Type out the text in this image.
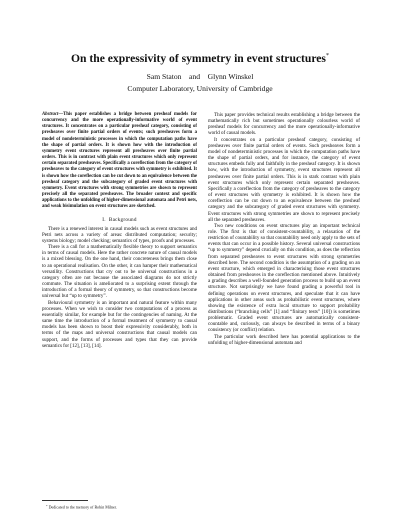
On the expressivity of symmetry in event structures*
Sam Staton    and    Glynn Winskel
Computer Laboratory, University of Cambridge

Abstract—This paper establishes a bridge between presheaf models for concurrency and the more operationally-informative world of event structures. It concentrates on a particular presheaf category, consisting of presheaves over finite partial orders of events; such presheaves form a model of nondeterministic processes in which the computation paths have the shape of partial orders. It is shown how with the introduction of symmetry event structures represent all presheaves over finite partial orders. This is in contrast with plain event structures which only represent certain separated presheaves. Specifically a coreflection from the category of presheaves to the category of event structures with symmetry is exhibited. It is shown how the coreflection can be cut down to an equivalence between the presheaf category and the subcategory of graded event structures with symmetry. Event structures with strong symmetries are shown to represent precisely all the separated presheaves. The broader context and specific applications to the unfolding of higher-dimensional automata and Petri nets, and weak bisimulation on event structures are sketched.

I.  Background

There is a renewed interest in causal models such as event structures and Petri nets across a variety of areas: distributed computation; security; systems biology; model checking; semantics of types, proofs and processes.

There is a call for a mathematically flexible theory to support semantics in terms of causal models. Here the rather concrete nature of causal models is a mixed blessing. On the one hand, their concreteness brings them close to an operational realisation. On the other, it can hamper their mathematical versatility. Constructions that cry out to be universal constructions in a category often are not because the associated diagrams do not strictly commute. The situation is ameliorated to a surprising extent through the introduction of a formal theory of symmetry, so that constructions become universal but “up to symmetry”.

Behavioural symmetry is an important and natural feature within many processes. When we wish to consider two computations of a process as essentially similar, for example but for the contingencies of naming. At the same time the introduction of a formal treatment of symmetry to causal models has been shown to boost their expressivity considerably, both in terms of the maps and universal constructions that causal models can support, and the forms of processes and types that they can provide semantics for [12], [13], [14].

This paper provides technical results establishing a bridge between the mathematically rich but sometimes operationally colourless world of presheaf models for concurrency and the more operationally-informative world of causal models.

It concentrates on a particular presheaf category, consisting of presheaves over finite partial orders of events. Such presheaves form a model of nondeterministic processes in which the computation paths have the shape of partial orders, and for instance, the category of event structures embeds fully and faithfully in the presheaf category. It is shown how, with the introduction of symmetry, event structures represent all presheaves over finite partial orders. This is in stark contrast with plain event structures which only represent certain separated presheaves. Specifically a coreflection from the category of presheaves to the category of event structures with symmetry is exhibited. It is shown how the coreflection can be cut down to an equivalence between the presheaf category and the subcategory of graded event structures with symmetry. Event structures with strong symmetries are shown to represent precisely all the separated presheaves.

Two new conditions on event structures play an important technical role. The first is that of consistent-countability, a relaxation of the restriction of countability so that countability need only apply to the sets of events that can occur in a possible history. Several universal constructions “up to symmetry” depend crucially on this condition, as does the reflection from separated presheaves to event structures with strong symmetries described here. The second condition is the assumption of a grading on an event structure, which emerged in characterising those event structures obtained from presheaves in the coreflection mentioned above. Intuitively a grading describes a well-founded generation process to build up an event structure. Not surprisingly we have found grading a powerful tool in defining operations on event structures, and speculate that it can have applications in other areas such as probabilistic event structures, where showing the existence of extra local structure to support probability distributions (“branching cells” [1] and “finitary tests” [10]) is sometimes problematic. Graded event structures are automatically consistent-countable and, curiously, can always be described in terms of a binary consistency (or conflict) relation.

The particular work described here has potential applications to the unfolding of higher-dimensional automata and

* Dedicated to the memory of Robin Milner.
